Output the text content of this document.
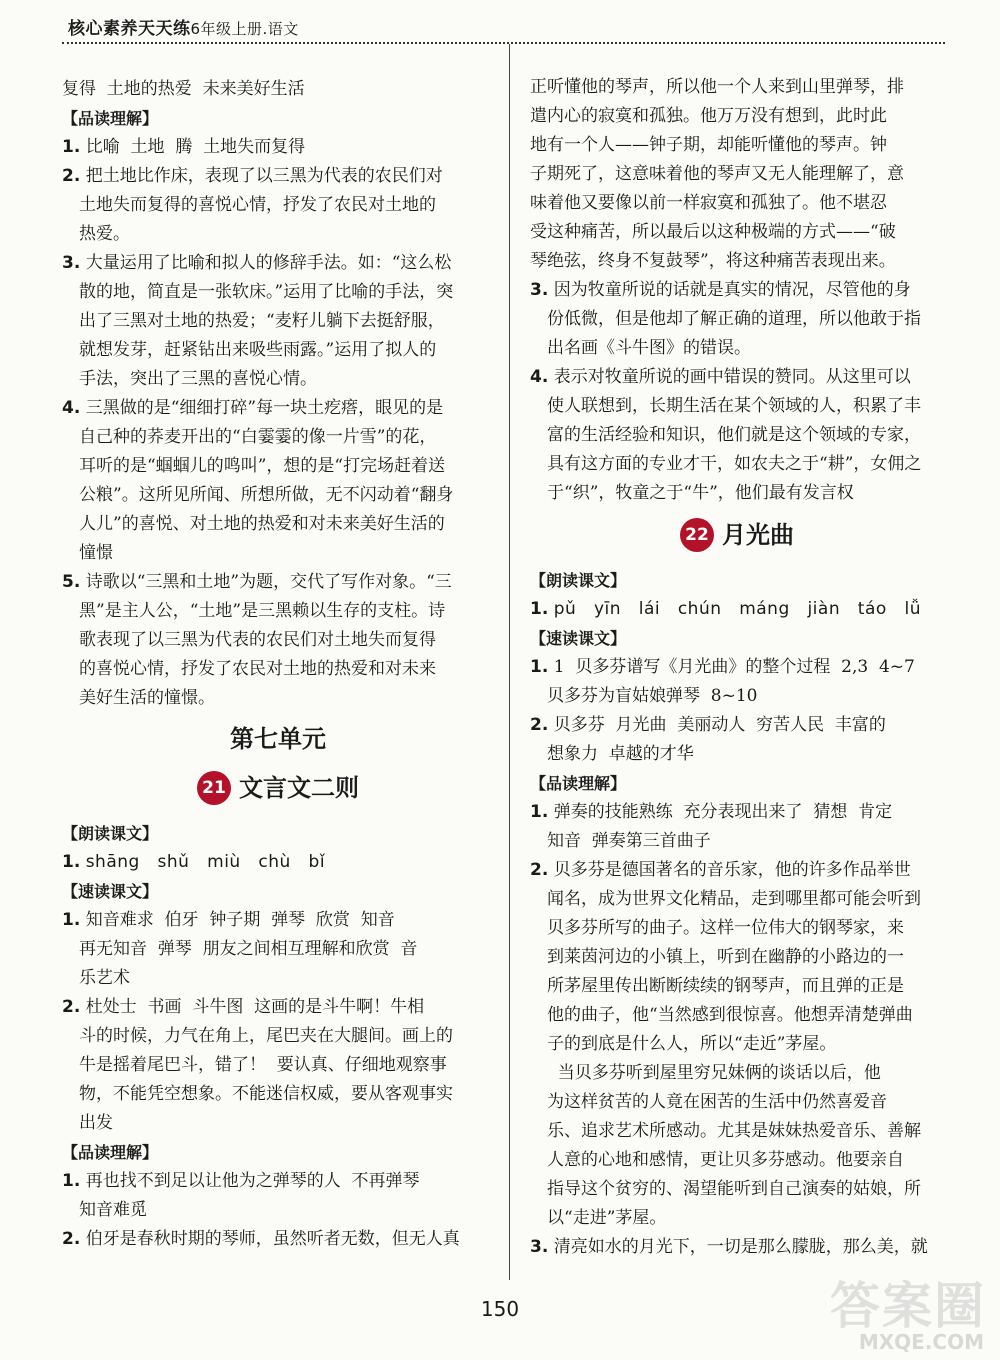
核心素养天天练6年级上册.语文
复得  土地的热爱  未来美好生活
【品读理解】
1. 比喻  土地  腾  土地失而复得
2. 把土地比作床，表现了以三黑为代表的农民们对
土地失而复得的喜悦心情，抒发了农民对土地的
热爱。
3. 大量运用了比喻和拟人的修辞手法。如：“这么松
散的地，简直是一张软床。”运用了比喻的手法，突
出了三黑对土地的热爱；“麦籽儿躺下去挺舒服，
就想发芽，赶紧钻出来吸些雨露。”运用了拟人的
手法，突出了三黑的喜悦心情。
4. 三黑做的是“细细打碎”每一块土疙瘩，眼见的是
自己种的荞麦开出的“白霎霎的像一片雪”的花，
耳听的是“蝈蝈儿的鸣叫”，想的是“打完场赶着送
公粮”。这所见所闻、所想所做，无不闪动着“翻身
人儿”的喜悦、对土地的热爱和对未来美好生活的
憧憬
5. 诗歌以“三黑和土地”为题，交代了写作对象。“三
黑”是主人公，“土地”是三黑赖以生存的支柱。诗
歌表现了以三黑为代表的农民们对土地失而复得
的喜悦心情，抒发了农民对土地的热爱和对未来
美好生活的憧憬。
第七单元
21 文言文二则
【朗读课文】
1. shāng   shǔ   miù   chù   bǐ
【速读课文】
1. 知音难求  伯牙  钟子期  弹琴  欣赏  知音
再无知音  弹琴  朋友之间相互理解和欣赏  音
乐艺术
2. 杜处士  书画  斗牛图  这画的是斗牛啊！牛相
斗的时候，力气在角上，尾巴夹在大腿间。画上的
牛是摇着尾巴斗，错了！  要认真、仔细地观察事
物，不能凭空想象。不能迷信权威，要从客观事实
出发
【品读理解】
1. 再也找不到足以让他为之弹琴的人  不再弹琴
知音难觅
2. 伯牙是春秋时期的琴师，虽然听者无数，但无人真
正听懂他的琴声，所以他一个人来到山里弹琴，排
遣内心的寂寞和孤独。他万万没有想到，此时此
地有一个人——钟子期，却能听懂他的琴声。钟
子期死了，这意味着他的琴声又无人能理解了，意
味着他又要像以前一样寂寞和孤独了。他不堪忍
受这种痛苦，所以最后以这种极端的方式——“破
琴绝弦，终身不复鼓琴”，将这种痛苦表现出来。
3. 因为牧童所说的话就是真实的情况，尽管他的身
份低微，但是他却了解正确的道理，所以他敢于指
出名画《斗牛图》的错误。
4. 表示对牧童所说的画中错误的赞同。从这里可以
使人联想到，长期生活在某个领域的人，积累了丰
富的生活经验和知识，他们就是这个领域的专家，
具有这方面的专业才干，如农夫之于“耕”，女佣之
于“织”，牧童之于“牛”，他们最有发言权
22 月光曲
【朗读课文】
1. pǔ   yīn   lái   chún   máng   jiàn   táo   lǚ
【速读课文】
1. 1  贝多芬谱写《月光曲》的整个过程  2,3  4~7
贝多芬为盲姑娘弹琴  8~10
2. 贝多芬  月光曲  美丽动人  穷苦人民  丰富的
想象力  卓越的才华
【品读理解】
1. 弹奏的技能熟练  充分表现出来了  猜想  肯定
知音  弹奏第三首曲子
2. 贝多芬是德国著名的音乐家，他的许多作品举世
闻名，成为世界文化精品，走到哪里都可能会听到
贝多芬所写的曲子。这样一位伟大的钢琴家，来
到莱茵河边的小镇上，听到在幽静的小路边的一
所茅屋里传出断断续续的钢琴声，而且弹的正是
他的曲子，他“当然感到很惊喜。他想弄清楚弹曲
子的到底是什么人，所以“走近”茅屋。
当贝多芬听到屋里穷兄妹俩的谈话以后，他
为这样贫苦的人竟在困苦的生活中仍然喜爱音
乐、追求艺术所感动。尤其是妹妹热爱音乐、善解
人意的心地和感情，更让贝多芬感动。他要亲自
指导这个贫穷的、渴望能听到自己演奏的姑娘，所
以“走进”茅屋。
3. 清亮如水的月光下，一切是那么朦胧，那么美，就
150	答案圈
MXQE.COM
